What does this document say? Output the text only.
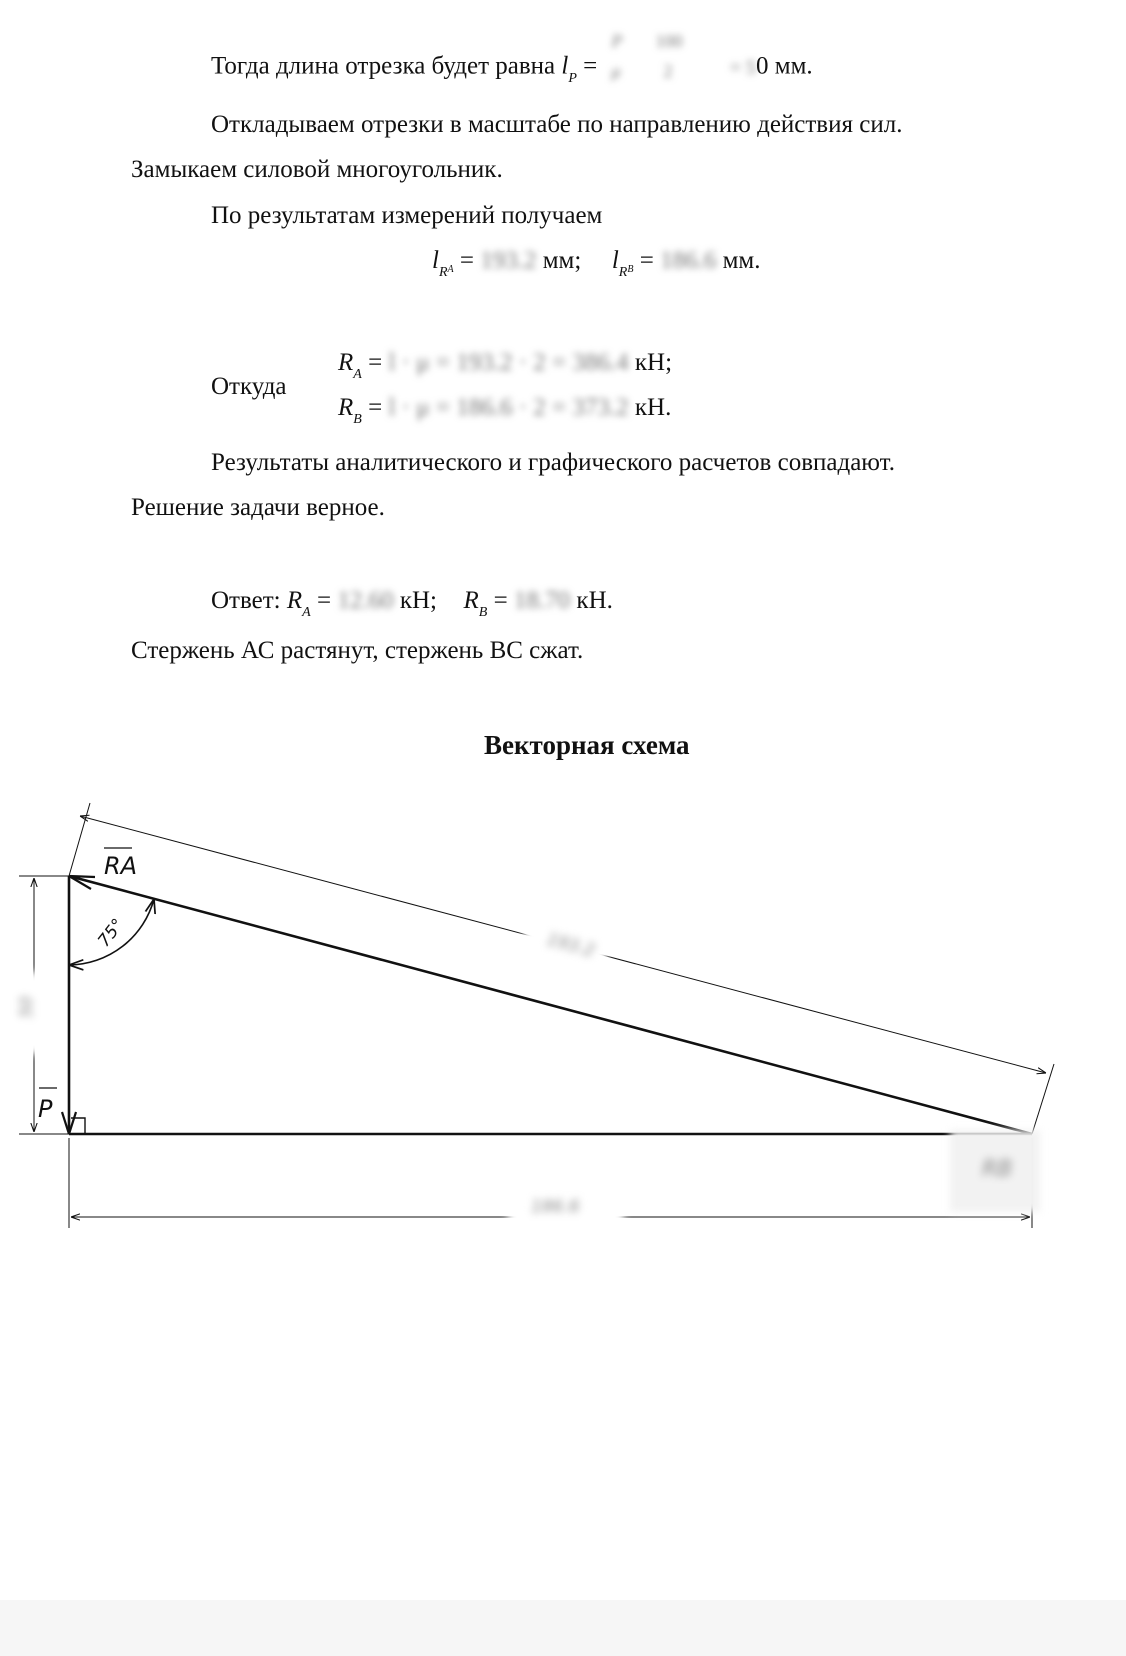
Тогда длина отрезка будет равна $l_P$ =
P 100
μ 2	= 50 мм.
Откладываем отрезки в масштабе по направлению действия сил.
Замыкаем силовой многоугольник.
По результатам измерений получаем
$l_RA = 193.2$ мм; $l_RB = 186.6$ мм.
Откуда
$R_A = l \cdot \mu = 193.2 \cdot 2 = 386.4$ кН;
$R_B = l \cdot \mu = 186.6 \cdot 2 = 373.2$ кН.
Результаты аналитического и графического расчетов совпадают.
Решение задачи верное.
Ответ: $R_A = 12.60$ кН; $R_B = 18.70$ кН.
Стержень АС растянут, стержень ВС сжат.
Векторная схема
RA
P
75°	193.2
186.6
50
RB
